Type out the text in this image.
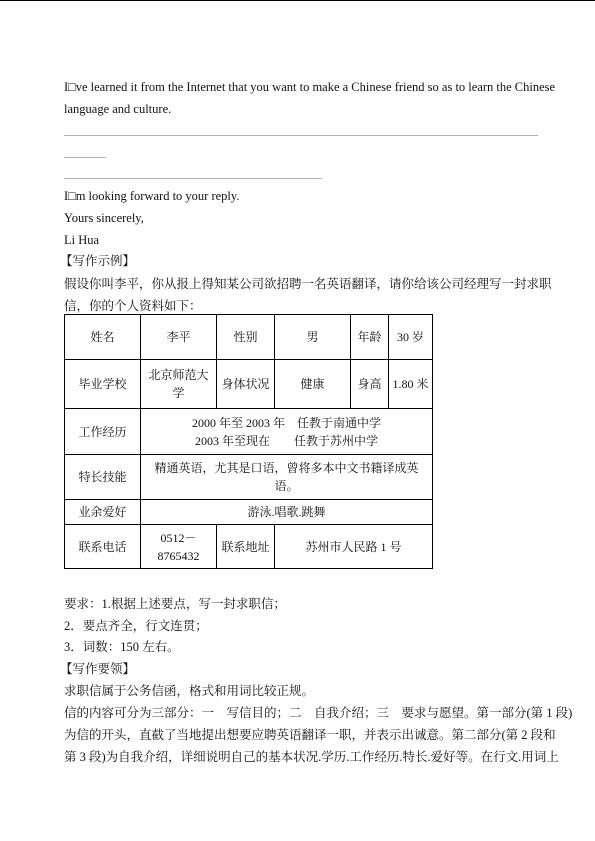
I□ve learned it from the Internet that you want to make a Chinese friend so as to learn the Chinese
language and culture.
I□m looking forward to your reply.
Yours sincerely,
Li Hua
【写作示例】
假设你叫李平，你从报上得知某公司欲招聘一名英语翻译，请你给该公司经理写一封求职
信，你的个人资料如下：
姓名	李平	性别	男	年龄	30 岁
毕业学校	北京师范大
学	身体状况	健康	身高	1.80 米
工作经历	2000 年至 2003 年　任教于南通中学
2003 年至现在　　任教于苏州中学				

特长技能	精通英语，尤其是口语，曾将多本中文书籍译成英语。				
业余爱好	游泳.唱歌.跳舞				
联系电话	0512－
8765432	联系地址	苏州市人民路 1 号		
要求：1.根据上述要点，写一封求职信；
2．要点齐全，行文连贯；
3．词数：150 左右。
【写作要领】
求职信属于公务信函，格式和用词比较正规。
信的内容可分为三部分：一　写信目的；二　自我介绍；三　要求与愿望。第一部分(第 1 段)
为信的开头，直截了当地提出想要应聘英语翻译一职，并表示出诚意。第二部分(第 2 段和
第 3 段)为自我介绍，详细说明自己的基本状况.学历.工作经历.特长.爱好等。在行文.用词上
